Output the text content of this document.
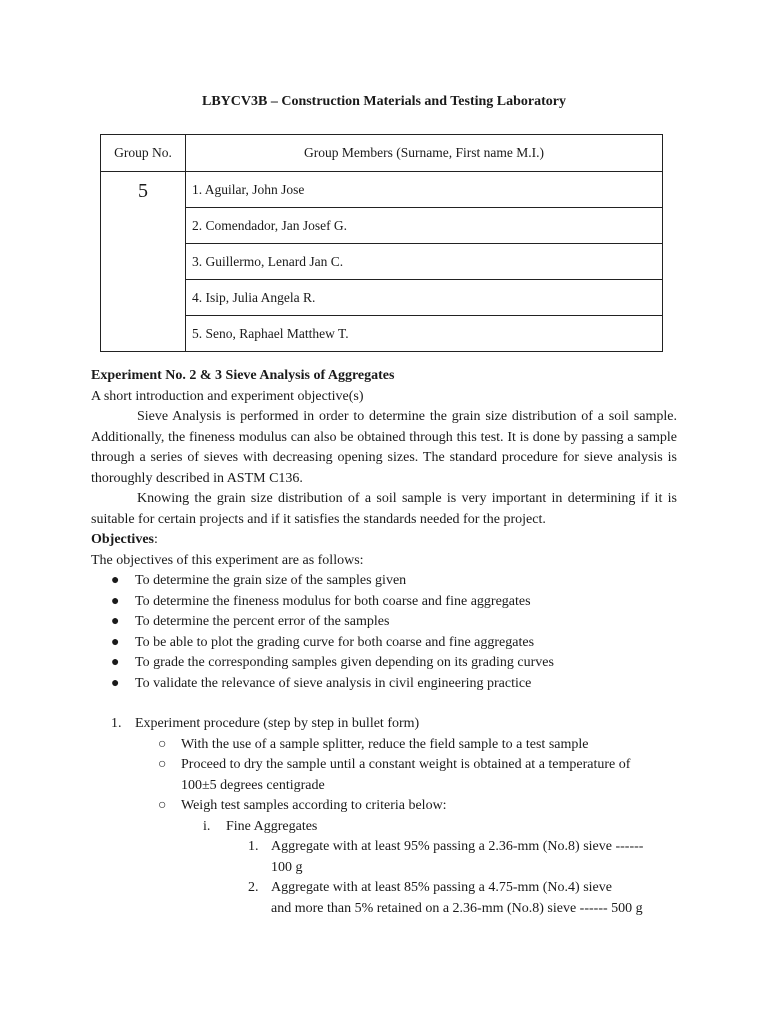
LBYCV3B – Construction Materials and Testing Laboratory
Group No.	Group Members (Surname, First name M.I.)
5	1. Aguilar, John Jose
	2. Comendador, Jan Josef G.
	3. Guillermo, Lenard Jan C.
	4. Isip, Julia Angela R.
	5. Seno, Raphael Matthew T.

Experiment No. 2 & 3 Sieve Analysis of Aggregates

A short introduction and experiment objective(s)

Sieve Analysis is performed in order to determine the grain size distribution of a soil sample. Additionally, the fineness modulus can also be obtained through this test. It is done by passing a sample through a series of sieves with decreasing opening sizes. The standard procedure for sieve analysis is thoroughly described in ASTM C136.

Knowing the grain size distribution of a soil sample is very important in determining if it is suitable for certain projects and if it satisfies the standards needed for the project.

Objectives:

The objectives of this experiment are as follows:

● To determine the grain size of the samples given
● To determine the fineness modulus for both coarse and fine aggregates
● To determine the percent error of the samples
● To be able to plot the grading curve for both coarse and fine aggregates
● To grade the corresponding samples given depending on its grading curves
● To validate the relevance of sieve analysis in civil engineering practice
1. Experiment procedure (step by step in bullet form)
○ With the use of a sample splitter, reduce the field sample to a test sample
○ Proceed to dry the sample until a constant weight is obtained at a temperature of
100±5 degrees centigrade
○ Weigh test samples according to criteria below:
i. Fine Aggregates
1. Aggregate with at least 95% passing a 2.36-mm (No.8) sieve ------
100 g
2. Aggregate with at least 85% passing a 4.75-mm (No.4) sieve
and more than 5% retained on a 2.36-mm (No.8) sieve ------ 500 g
